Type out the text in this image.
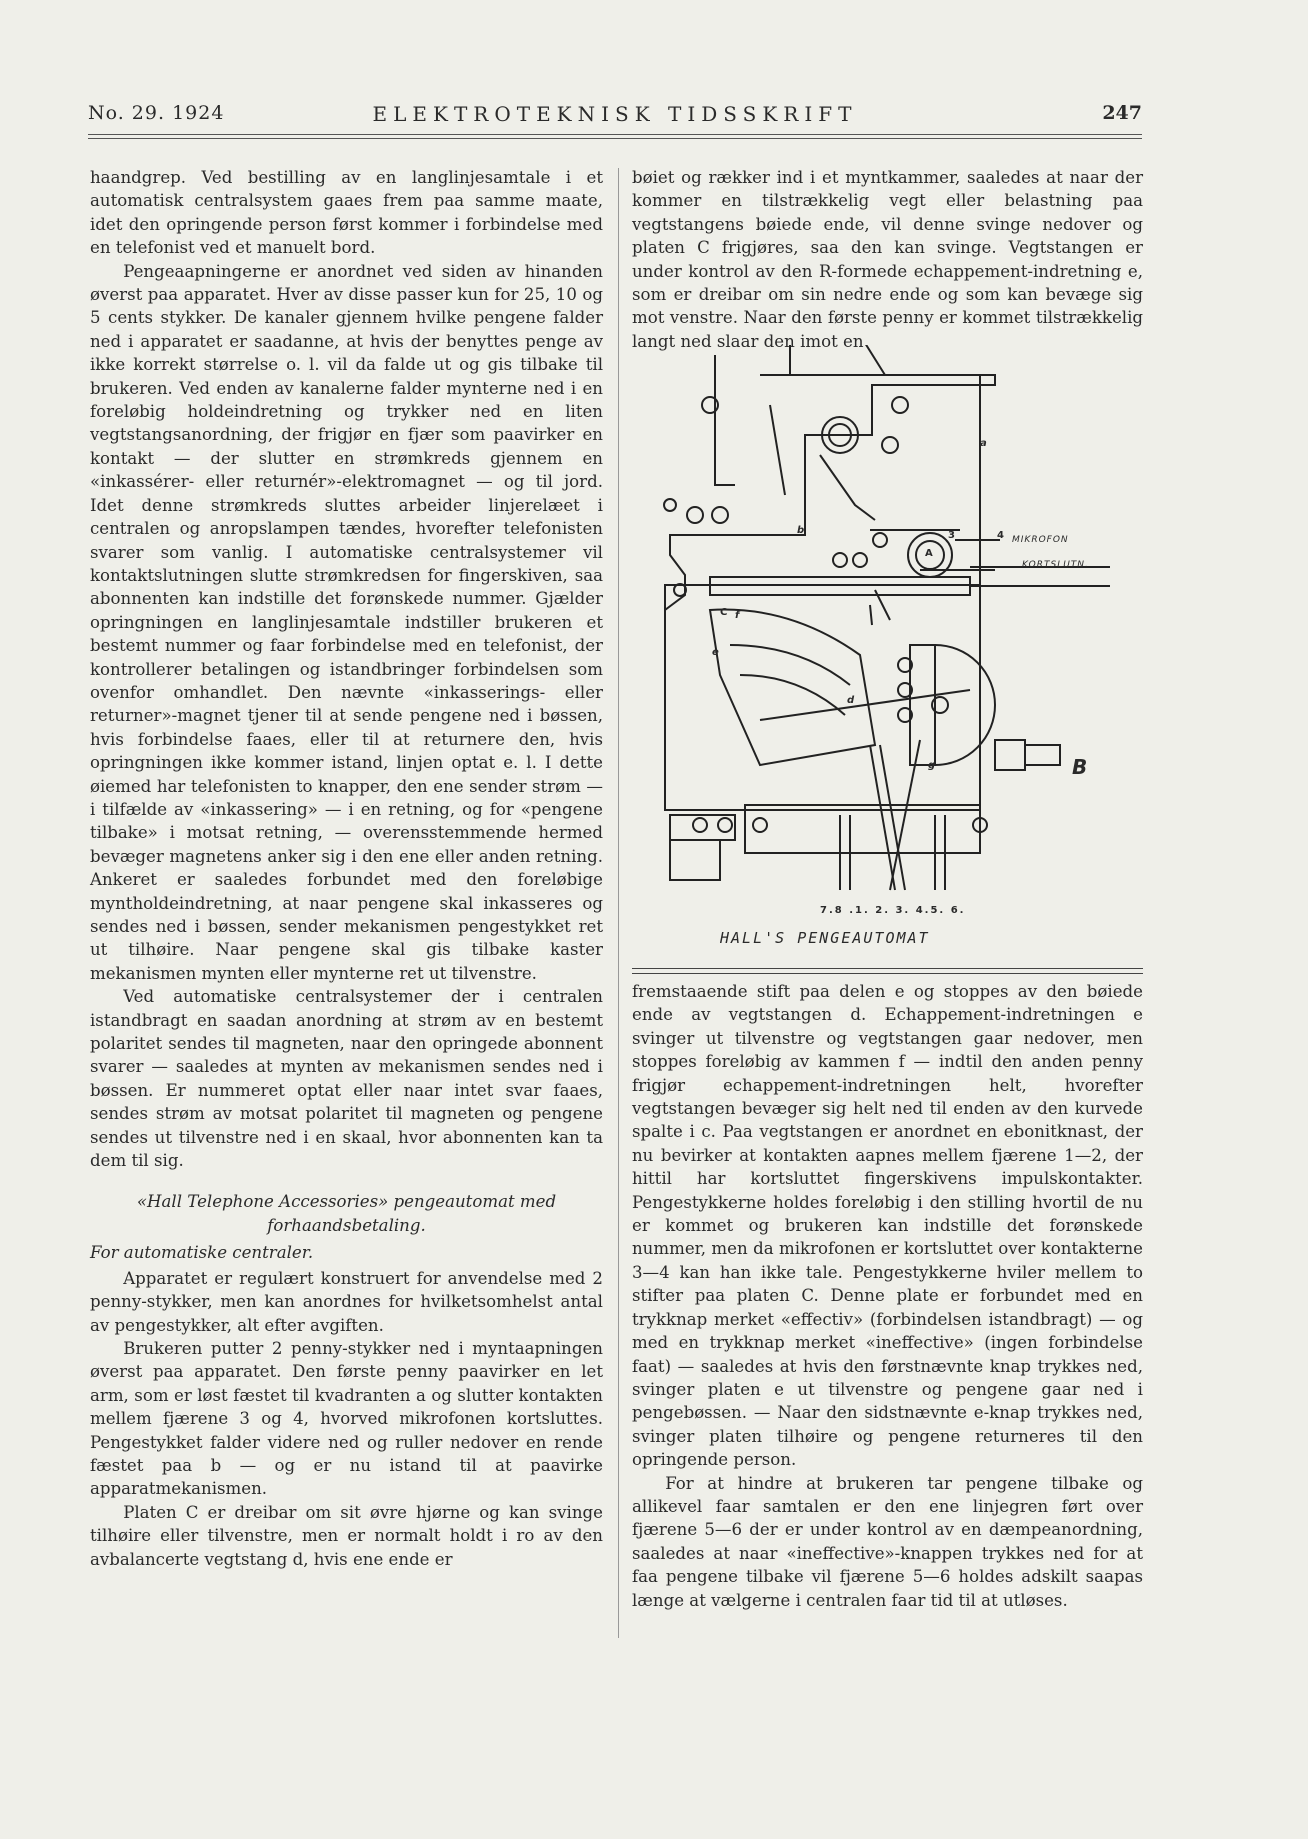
No. 29. 1924	ELEKTROTEKNISK TIDSSKRIFT	247

haandgrep. Ved bestilling av en langlinjesamtale i et automatisk centralsystem gaaes frem paa samme maate, idet den opringende person først kommer i forbindelse med en telefonist ved et manuelt bord.

Pengeaapningerne er anordnet ved siden av hinanden øverst paa apparatet. Hver av disse passer kun for 25, 10 og 5 cents stykker. De kanaler gjennem hvilke pengene falder ned i apparatet er saadanne, at hvis der benyttes penge av ikke korrekt størrelse o. l. vil da falde ut og gis tilbake til brukeren. Ved enden av kanalerne falder mynterne ned i en foreløbig holdeindretning og trykker ned en liten vegtstangsanordning, der frigjør en fjær som paavirker en kontakt — der slutter en strømkreds gjennem en «inkassérer- eller returnér»-elektromagnet — og til jord. Idet denne strømkreds sluttes arbeider linjerelæet i centralen og anropslampen tændes, hvorefter telefonisten svarer som vanlig. I automatiske centralsystemer vil kontaktslutningen slutte strømkredsen for fingerskiven, saa abonnenten kan indstille det forønskede nummer. Gjælder opringningen en langlinjesamtale indstiller brukeren et bestemt nummer og faar forbindelse med en telefonist, der kontrollerer betalingen og istandbringer forbindelsen som ovenfor omhandlet. Den nævnte «inkasserings- eller returner»-magnet tjener til at sende pengene ned i bøssen, hvis forbindelse faaes, eller til at returnere den, hvis opringningen ikke kommer istand, linjen optat e. l. I dette øiemed har telefonisten to knapper, den ene sender strøm — i tilfælde av «inkassering» — i en retning, og for «pengene tilbake» i motsat retning, — overensstemmende hermed bevæger magnetens anker sig i den ene eller anden retning. Ankeret er saaledes forbundet med den foreløbige myntholdeindretning, at naar pengene skal inkasseres og sendes ned i bøssen, sender mekanismen pengestykket ret ut tilhøire. Naar pengene skal gis tilbake kaster mekanismen mynten eller mynterne ret ut tilvenstre.

Ved automatiske centralsystemer der i centralen istandbragt en saadan anordning at strøm av en bestemt polaritet sendes til magneten, naar den opringede abonnent svarer — saaledes at mynten av mekanismen sendes ned i bøssen. Er nummeret optat eller naar intet svar faaes, sendes strøm av motsat polaritet til magneten og pengene sendes ut tilvenstre ned i en skaal, hvor abonnenten kan ta dem til sig.

«Hall Telephone Accessories» pengeautomat med forhaandsbetaling.
For automatiske centraler.

Apparatet er regulært konstruert for anvendelse med 2 penny-stykker, men kan anordnes for hvilketsomhelst antal av pengestykker, alt efter avgiften.

Brukeren putter 2 penny-stykker ned i myntaapningen øverst paa apparatet. Den første penny paavirker en let arm, som er løst fæstet til kvadranten a og slutter kontakten mellem fjærene 3 og 4, hvorved mikrofonen kortsluttes. Pengestykket falder videre ned og ruller nedover en rende fæstet paa b — og er nu istand til at paavirke apparatmekanismen.

Platen C er dreibar om sit øvre hjørne og kan svinge tilhøire eller tilvenstre, men er normalt holdt i ro av den avbalancerte vegtstang d, hvis ene ende er

bøiet og rækker ind i et myntkammer, saaledes at naar der kommer en tilstrækkelig vegt eller belastning paa vegtstangens bøiede ende, vil denne svinge nedover og platen C frigjøres, saa den kan svinge. Vegtstangen er under kontrol av den R-formede echappement-indretning e, som er dreibar om sin nedre ende og som kan bevæge sig mot venstre. Naar den første penny er kommet tilstrækkelig langt ned slaar den imot en

MIKROFON
KORTSLUTN.
B
A
C
d
e
f
g
b
a
3	4
7.8 .1. 2. 3. 4.5. 6.
HALL'S PENGEAUTOMAT

fremstaaende stift paa delen e og stoppes av den bøiede ende av vegtstangen d. Echappement-indretningen e svinger ut tilvenstre og vegtstangen gaar nedover, men stoppes foreløbig av kammen f — indtil den anden penny frigjør echappement-indretningen helt, hvorefter vegtstangen bevæger sig helt ned til enden av den kurvede spalte i c. Paa vegtstangen er anordnet en ebonitknast, der nu bevirker at kontakten aapnes mellem fjærene 1—2, der hittil har kortsluttet fingerskivens impulskontakter. Pengestykkerne holdes foreløbig i den stilling hvortil de nu er kommet og brukeren kan indstille det forønskede nummer, men da mikrofonen er kortsluttet over kontakterne 3—4 kan han ikke tale. Pengestykkerne hviler mellem to stifter paa platen C. Denne plate er forbundet med en trykknap merket «effectiv» (forbindelsen istandbragt) — og med en trykknap merket «ineffective» (ingen forbindelse faat) — saaledes at hvis den førstnævnte knap trykkes ned, svinger platen e ut tilvenstre og pengene gaar ned i pengebøssen. — Naar den sidstnævnte e-knap trykkes ned, svinger platen tilhøire og pengene returneres til den opringende person.

For at hindre at brukeren tar pengene tilbake og allikevel faar samtalen er den ene linjegren ført over fjærene 5—6 der er under kontrol av en dæmpeanordning, saaledes at naar «ineffective»-knappen trykkes ned for at faa pengene tilbake vil fjærene 5—6 holdes adskilt saapas længe at vælgerne i centralen faar tid til at utløses.
